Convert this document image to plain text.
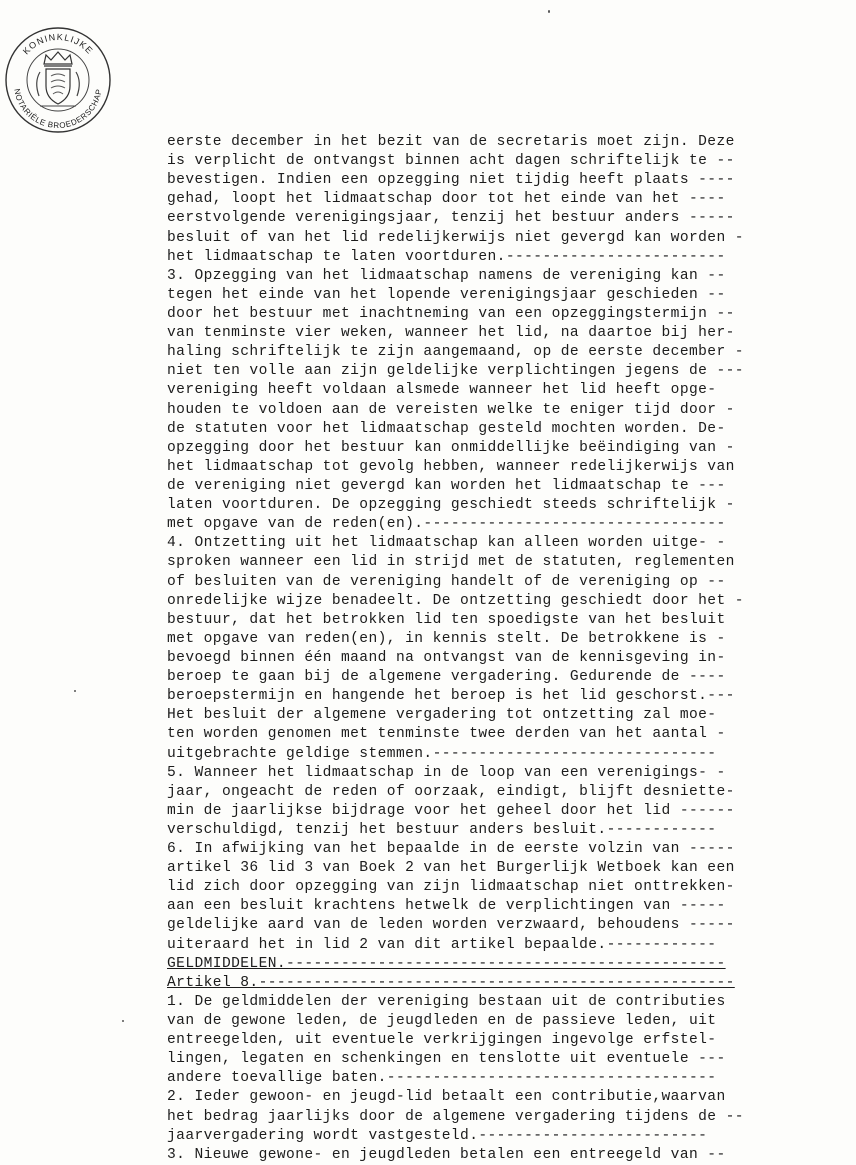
KONINKLIJKE
NOTARIËLE BROEDERSCHAP
eerste december in het bezit van de secretaris moet zijn. Deze
is verplicht de ontvangst binnen acht dagen schriftelijk te --
bevestigen. Indien een opzegging niet tijdig heeft plaats ----
gehad, loopt het lidmaatschap door tot het einde van het ----
eerstvolgende verenigingsjaar, tenzij het bestuur anders -----
besluit of van het lid redelijkerwijs niet gevergd kan worden -
het lidmaatschap te laten voortduren.------------------------
3. Opzegging van het lidmaatschap namens de vereniging kan --
tegen het einde van het lopende verenigingsjaar geschieden --
door het bestuur met inachtneming van een opzeggingstermijn --
van tenminste vier weken, wanneer het lid, na daartoe bij her-
haling schriftelijk te zijn aangemaand, op de eerste december -
niet ten volle aan zijn geldelijke verplichtingen jegens de ---
vereniging heeft voldaan alsmede wanneer het lid heeft opge-
houden te voldoen aan de vereisten welke te eniger tijd door -
de statuten voor het lidmaatschap gesteld mochten worden. De-
opzegging door het bestuur kan onmiddellijke beëindiging van -
het lidmaatschap tot gevolg hebben, wanneer redelijkerwijs van
de vereniging niet gevergd kan worden het lidmaatschap te ---
laten voortduren. De opzegging geschiedt steeds schriftelijk -
met opgave van de reden(en).---------------------------------
4. Ontzetting uit het lidmaatschap kan alleen worden uitge- -
sproken wanneer een lid in strijd met de statuten, reglementen
of besluiten van de vereniging handelt of de vereniging op --
onredelijke wijze benadeelt. De ontzetting geschiedt door het -
bestuur, dat het betrokken lid ten spoedigste van het besluit
met opgave van reden(en), in kennis stelt. De betrokkene is -
bevoegd binnen één maand na ontvangst van de kennisgeving in-
beroep te gaan bij de algemene vergadering. Gedurende de ----
beroepstermijn en hangende het beroep is het lid geschorst.---
Het besluit der algemene vergadering tot ontzetting zal moe-
ten worden genomen met tenminste twee derden van het aantal -
uitgebrachte geldige stemmen.-------------------------------
5. Wanneer het lidmaatschap in de loop van een verenigings- -
jaar, ongeacht de reden of oorzaak, eindigt, blijft desniette-
min de jaarlijkse bijdrage voor het geheel door het lid ------
verschuldigd, tenzij het bestuur anders besluit.------------
6. In afwijking van het bepaalde in de eerste volzin van -----
artikel 36 lid 3 van Boek 2 van het Burgerlijk Wetboek kan een
lid zich door opzegging van zijn lidmaatschap niet onttrekken-
aan een besluit krachtens hetwelk de verplichtingen van -----
geldelijke aard van de leden worden verzwaard, behoudens -----
uiteraard het in lid 2 van dit artikel bepaalde.------------
GELDMIDDELEN.------------------------------------------------
Artikel 8.----------------------------------------------------
1. De geldmiddelen der vereniging bestaan uit de contributies
van de gewone leden, de jeugdleden en de passieve leden, uit
entreegelden, uit eventuele verkrijgingen ingevolge erfstel-
lingen, legaten en schenkingen en tenslotte uit eventuele ---
andere toevallige baten.------------------------------------
2. Ieder gewoon- en jeugd-lid betaalt een contributie,waarvan
het bedrag jaarlijks door de algemene vergadering tijdens de --
jaarvergadering wordt vastgesteld.-------------------------
3. Nieuwe gewone- en jeugdleden betalen een entreegeld van --
